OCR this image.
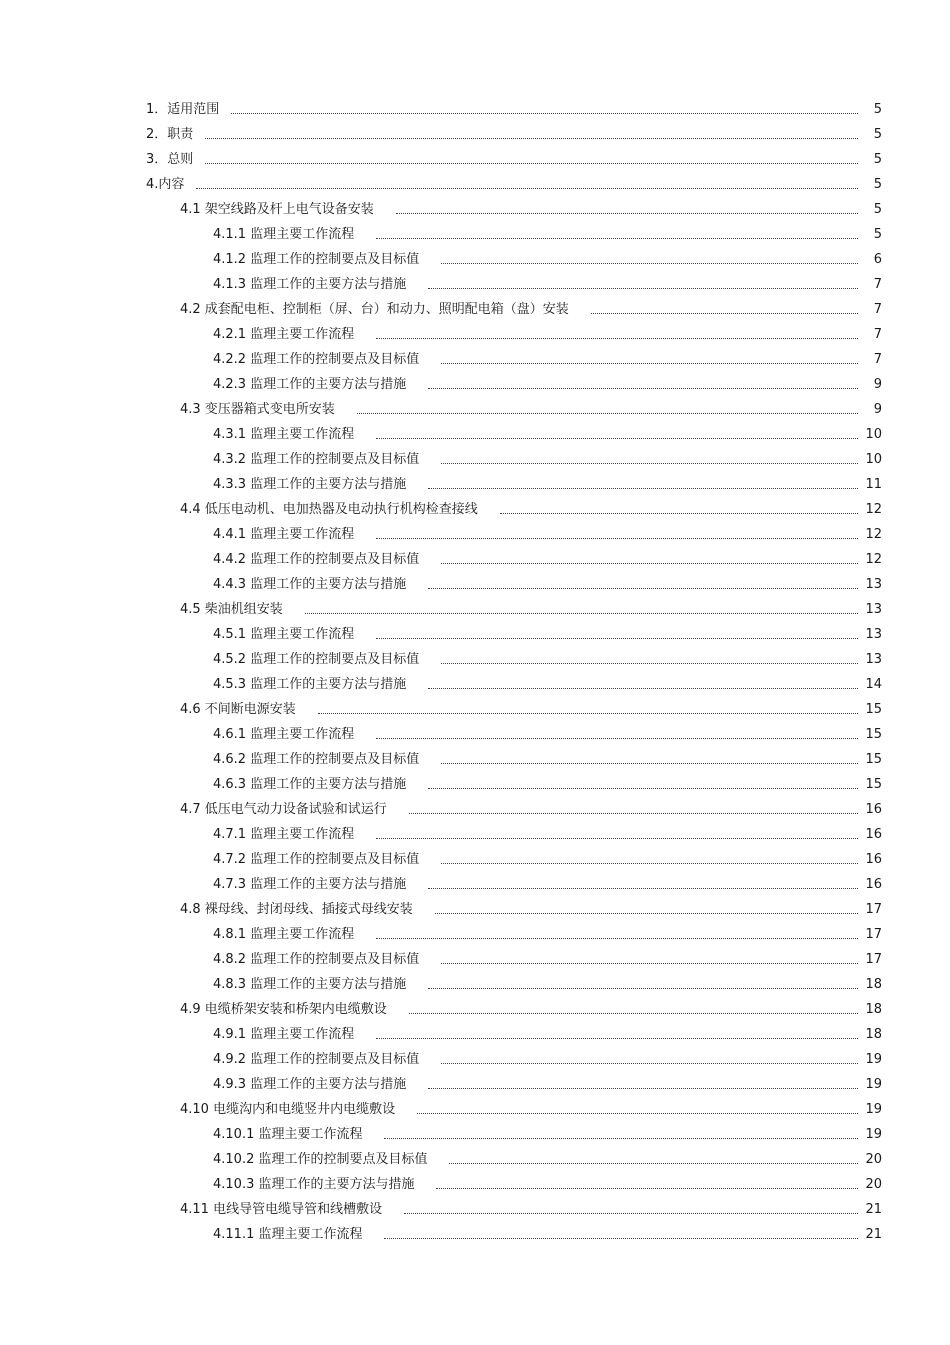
1．适用范围	5
2．职责	5
3．总则	5
4.内容	5
4.1 架空线路及杆上电气设备安装	5
4.1.1 监理主要工作流程	5
4.1.2 监理工作的控制要点及目标值	6
4.1.3 监理工作的主要方法与措施	7
4.2 成套配电柜、控制柜（屏、台）和动力、照明配电箱（盘）安装	7
4.2.1 监理主要工作流程	7
4.2.2 监理工作的控制要点及目标值	7
4.2.3 监理工作的主要方法与措施	9
4.3 变压器箱式变电所安装	9
4.3.1 监理主要工作流程	10
4.3.2 监理工作的控制要点及目标值	10
4.3.3 监理工作的主要方法与措施	11
4.4 低压电动机、电加热器及电动执行机构检查接线	12
4.4.1 监理主要工作流程	12
4.4.2 监理工作的控制要点及目标值	12
4.4.3 监理工作的主要方法与措施	13
4.5 柴油机组安装	13
4.5.1 监理主要工作流程	13
4.5.2 监理工作的控制要点及目标值	13
4.5.3 监理工作的主要方法与措施	14
4.6 不间断电源安装	15
4.6.1 监理主要工作流程	15
4.6.2 监理工作的控制要点及目标值	15
4.6.3 监理工作的主要方法与措施	15
4.7 低压电气动力设备试验和试运行	16
4.7.1 监理主要工作流程	16
4.7.2 监理工作的控制要点及目标值	16
4.7.3 监理工作的主要方法与措施	16
4.8 裸母线、封闭母线、插接式母线安装	17
4.8.1 监理主要工作流程	17
4.8.2 监理工作的控制要点及目标值	17
4.8.3 监理工作的主要方法与措施	18
4.9 电缆桥架安装和桥架内电缆敷设	18
4.9.1 监理主要工作流程	18
4.9.2 监理工作的控制要点及目标值	19
4.9.3 监理工作的主要方法与措施	19
4.10 电缆沟内和电缆竖井内电缆敷设	19
4.10.1 监理主要工作流程	19
4.10.2 监理工作的控制要点及目标值	20
4.10.3 监理工作的主要方法与措施	20
4.11 电线导管电缆导管和线槽敷设	21
4.11.1 监理主要工作流程	21
